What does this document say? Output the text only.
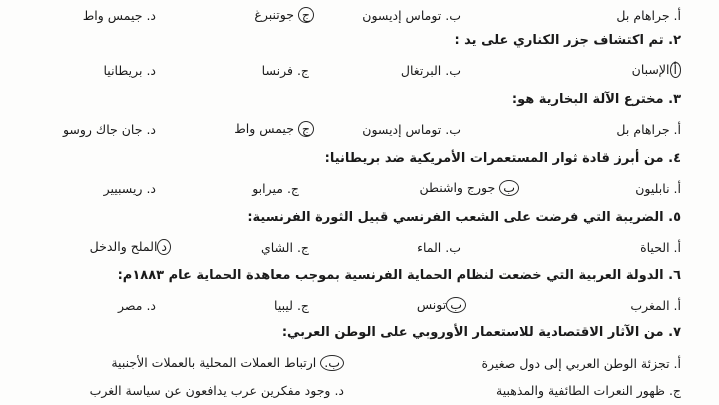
أ. جراهام بل
ب. توماس إديسون
ج جوتنبرغ
د. جيمس واط
٢. تم اكتشاف جزر الكناري على يد :
أالإسبان
ب. البرتغال
ج. فرنسا
د. بريطانيا
٣. مخترع الآلة البخارية هو:
أ. جراهام بل
ب. توماس إديسون
ج جيمس واط
د. جان جاك روسو
٤. من أبرز قادة ثوار المستعمرات الأمريكية ضد بريطانيا:
أ. نابليون
ب جورج واشنطن
ج. ميرابو
د. ريسبيير
٥. الضريبة التي فرضت على الشعب الفرنسي قبيل الثورة الفرنسية:
أ. الحياة
ب. الماء
ج. الشاي
دالملح والدخل
٦. الدولة العربية التي خضعت لنظام الحماية الفرنسية بموجب معاهدة الحماية عام ١٨٨٣م:
أ. المغرب
بتونس
ج. ليبيا
د. مصر
٧. من الآثار الاقتصادية للاستعمار الأوروبي على الوطن العربي:
أ. تجزئة الوطن العربي إلى دول صغيرة
ب. ارتباط العملات المحلية بالعملات الأجنبية
ج. ظهور النعرات الطائفية والمذهبية
د. وجود مفكرين عرب يدافعون عن سياسة الغرب
